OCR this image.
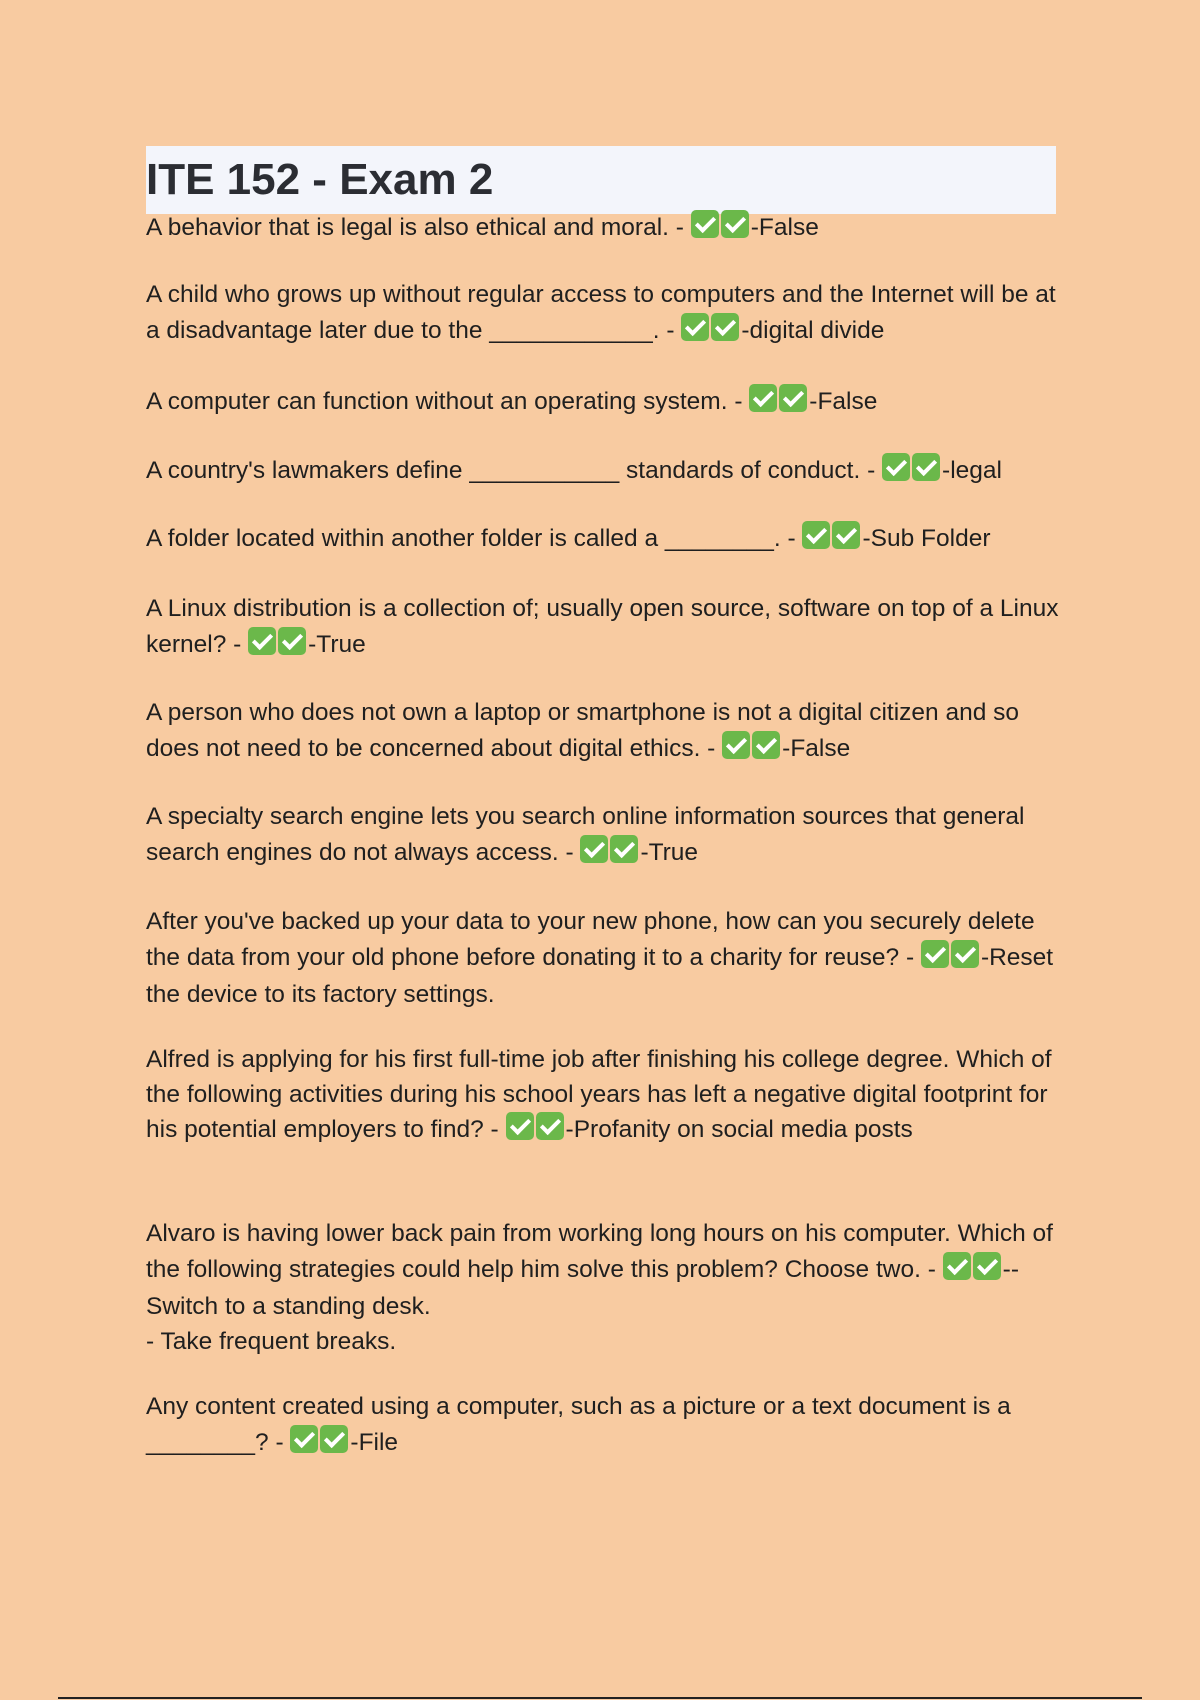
ITE 152 - Exam 2
A behavior that is legal is also ethical and moral. -	-False
A child who grows up without regular access to computers and the Internet will be at a disadvantage later due to the ____________. -	-digital divide
A computer can function without an operating system. -	-False
A country's lawmakers define ___________ standards of conduct. -	-legal
A folder located within another folder is called a ________. -	-Sub Folder
A Linux distribution is a collection of; usually open source, software on top of a Linux kernel? -	-True
A person who does not own a laptop or smartphone is not a digital citizen and so does not need to be concerned about digital ethics. -	-False
A specialty search engine lets you search online information sources that general search engines do not always access. -	-True
After you've backed up your data to your new phone, how can you securely delete the data from your old phone before donating it to a charity for reuse? -	-Reset the device to its factory settings.
Alfred is applying for his first full-time job after finishing his college degree. Which of the following activities during his school years has left a negative digital footprint for his potential employers to find? -	-Profanity on social media posts
Alvaro is having lower back pain from working long hours on his computer. Which of the following strategies could help him solve this problem? Choose two. -	-- Switch to a standing desk.
- Take frequent breaks.
Any content created using a computer, such as a picture or a text document is a ________? -	-File
